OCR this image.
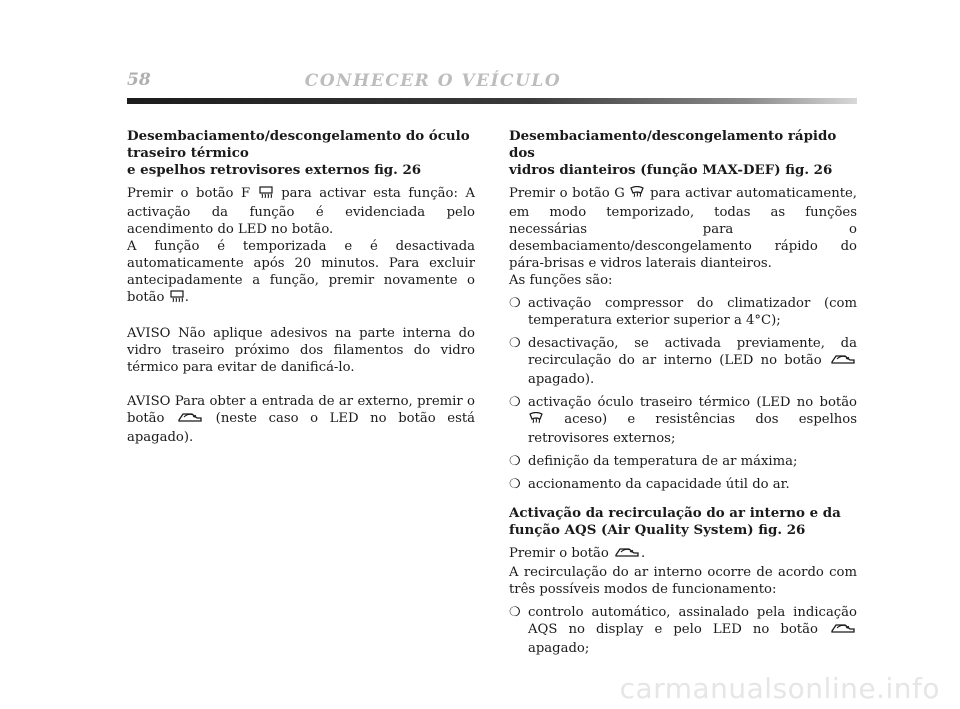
58	CONHECER O VEÍCULO
Desembaciamento/descongelamento do óculo
traseiro térmico
e espelhos retrovisores externos fig. 26

Premir o botão F para activar esta função: A activação da função é evidenciada pelo acendimento do LED no botão.

A função é temporizada e é desactivada automaticamente após 20 minutos. Para excluir antecipadamente a função, premir novamente o botão .

AVISO Não aplique adesivos na parte interna do vidro traseiro próximo dos filamentos do vidro térmico para evitar de danificá-lo.

AVISO Para obter a entrada de ar externo, premir o botão	(neste caso o LED no botão está apagado).

Desembaciamento/descongelamento rápido dos
vidros dianteiros (função MAX-DEF) fig. 26

Premir o botão G para activar automaticamente, em modo temporizado, todas as funções necessárias para o desembaciamento/descongelamento rápido do pára-brisas e vidros laterais dianteiros.

As funções são:

❍ activação compressor do climatizador (com temperatura exterior superior a 4°C);
❍ desactivação, se activada previamente, da recirculação do ar interno (LED no botão  apagado).
❍ activação óculo traseiro térmico (LED no botão  aceso) e resistências dos espelhos retrovisores externos;
❍ definição da temperatura de ar máxima;
❍ accionamento da capacidade útil do ar.
Activação da recirculação do ar interno e da
função AQS (Air Quality System) fig. 26

Premir o botão .

A recirculação do ar interno ocorre de acordo com três possíveis modos de funcionamento:

❍ controlo automático, assinalado pela indicação AQS no display e pelo LED no botão  apagado;
carmanualsonline.info
